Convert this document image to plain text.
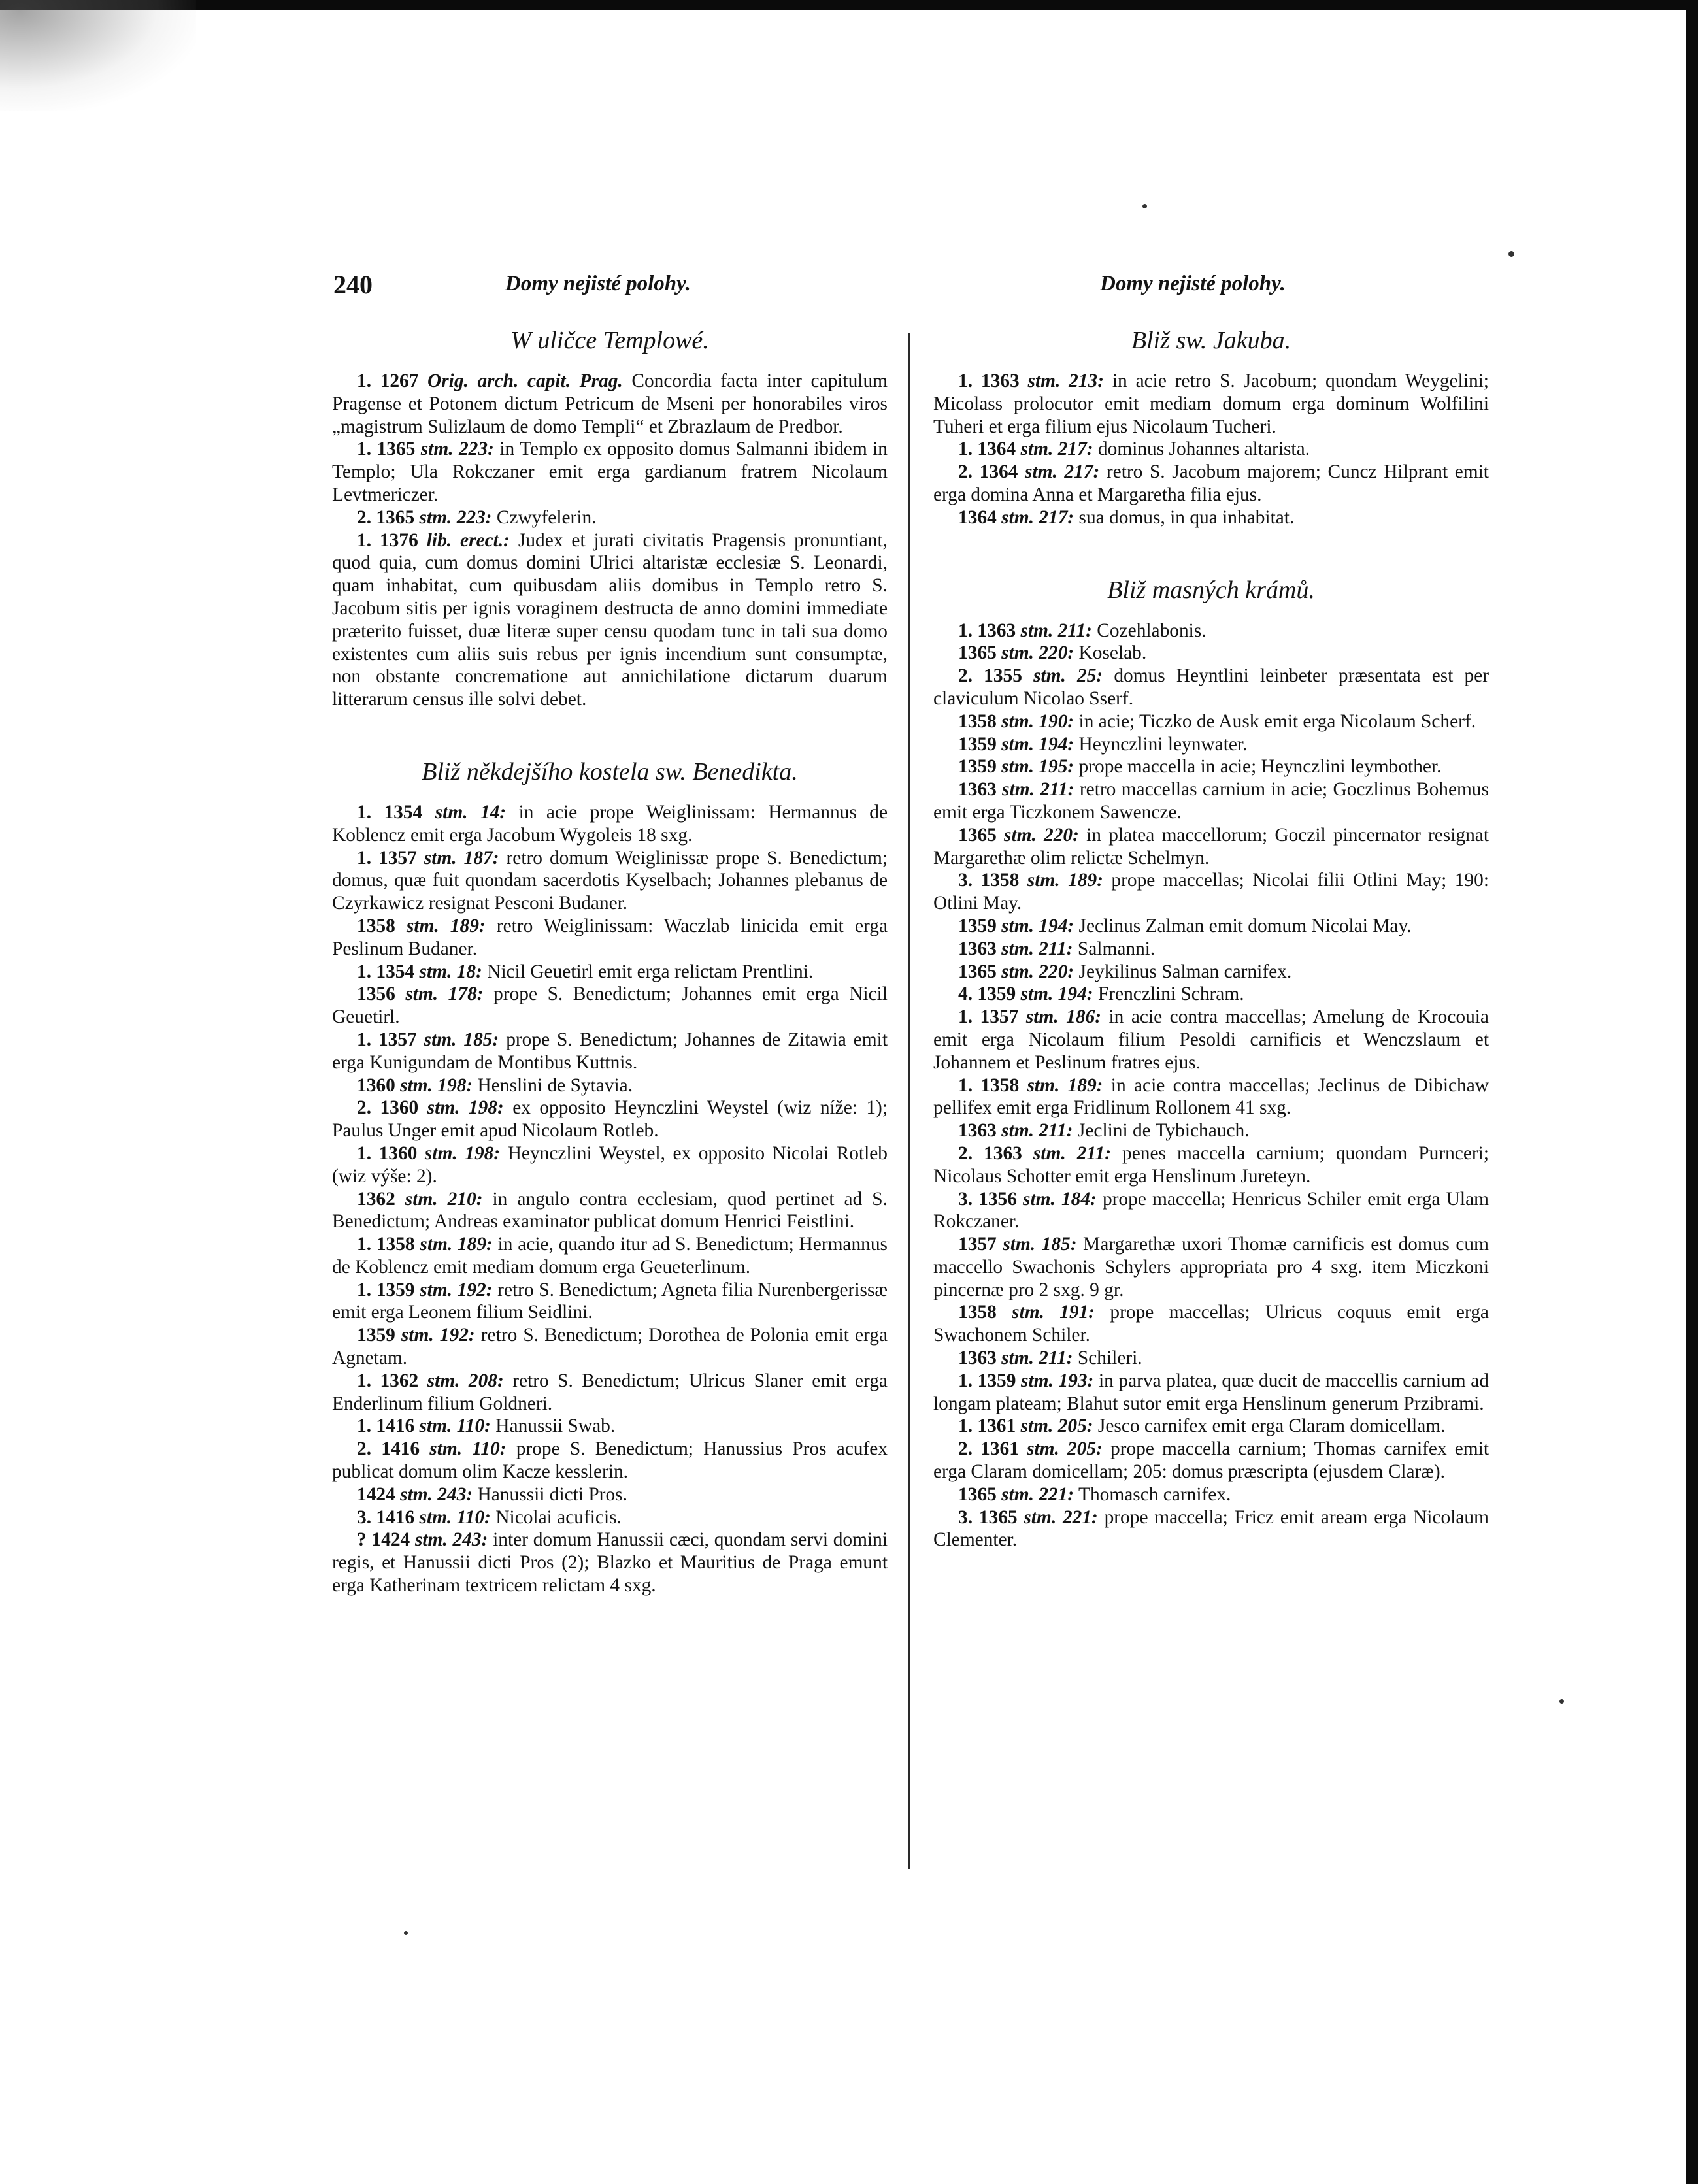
240	Domy nejisté polohy.	Domy nejisté polohy.
W uličce Templowé.

1. 1267 Orig. arch. capit. Prag. Concordia facta inter capitulum Pragense et Potonem dictum Petricum de Mseni per honorabiles viros „magistrum Sulizlaum de domo Templi“ et Zbrazlaum de Predbor.

1. 1365 stm. 223: in Templo ex opposito domus Salmanni ibidem in Templo; Ula Rokczaner emit erga gardianum fratrem Nicolaum Levtmericzer.

2. 1365 stm. 223: Czwyfelerin.

1. 1376 lib. erect.: Judex et jurati civitatis Pragensis pronuntiant, quod quia, cum domus domini Ulrici altaristæ ecclesiæ S. Leonardi, quam inhabitat, cum quibusdam aliis domibus in Templo retro S. Jacobum sitis per ignis voraginem destructa de anno domini immediate præterito fuisset, duæ literæ super censu quodam tunc in tali sua domo existentes cum aliis suis rebus per ignis incendium sunt consumptæ, non obstante concrematione aut annichilatione dictarum duarum litterarum census ille solvi debet.

Bliž někdejšího kostela sw. Benedikta.

1. 1354 stm. 14: in acie prope Weiglinissam: Hermannus de Koblencz emit erga Jacobum Wygoleis 18 sxg.

1. 1357 stm. 187: retro domum Weiglinissæ prope S. Benedictum; domus, quæ fuit quondam sacerdotis Kyselbach; Johannes plebanus de Czyrkawicz resignat Pesconi Budaner.

1358 stm. 189: retro Weiglinissam: Waczlab linicida emit erga Peslinum Budaner.

1. 1354 stm. 18: Nicil Geuetirl emit erga relictam Prentlini.

1356 stm. 178: prope S. Benedictum; Johannes emit erga Nicil Geuetirl.

1. 1357 stm. 185: prope S. Benedictum; Johannes de Zitawia emit erga Kunigundam de Montibus Kuttnis.

1360 stm. 198: Henslini de Sytavia.

2. 1360 stm. 198: ex opposito Heynczlini Weystel (wiz níže: 1); Paulus Unger emit apud Nicolaum Rotleb.

1. 1360 stm. 198: Heynczlini Weystel, ex opposito Nicolai Rotleb (wiz výše: 2).

1362 stm. 210: in angulo contra ecclesiam, quod pertinet ad S. Benedictum; Andreas examinator publicat domum Henrici Feistlini.

1. 1358 stm. 189: in acie, quando itur ad S. Benedictum; Hermannus de Koblencz emit mediam domum erga Geueterlinum.

1. 1359 stm. 192: retro S. Benedictum; Agneta filia Nurenbergerissæ emit erga Leonem filium Seidlini.

1359 stm. 192: retro S. Benedictum; Dorothea de Polonia emit erga Agnetam.

1. 1362 stm. 208: retro S. Benedictum; Ulricus Slaner emit erga Enderlinum filium Goldneri.

1. 1416 stm. 110: Hanussii Swab.

2. 1416 stm. 110: prope S. Benedictum; Hanussius Pros acufex publicat domum olim Kacze kesslerin.

1424 stm. 243: Hanussii dicti Pros.

3. 1416 stm. 110: Nicolai acuficis.

? 1424 stm. 243: inter domum Hanussii cæci, quondam servi domini regis, et Hanussii dicti Pros (2); Blazko et Mauritius de Praga emunt erga Katherinam textricem relictam 4 sxg.

Bliž sw. Jakuba.

1. 1363 stm. 213: in acie retro S. Jacobum; quondam Weygelini; Micolass prolocutor emit mediam domum erga dominum Wolfilini Tuheri et erga filium ejus Nicolaum Tucheri.

1. 1364 stm. 217: dominus Johannes altarista.

2. 1364 stm. 217: retro S. Jacobum majorem; Cuncz Hilprant emit erga domina Anna et Margaretha filia ejus.

1364 stm. 217: sua domus, in qua inhabitat.

Bliž masných krámů.

1. 1363 stm. 211: Cozehlabonis.

1365 stm. 220: Koselab.

2. 1355 stm. 25: domus Heyntlini leinbeter præsentata est per claviculum Nicolao Sserf.

1358 stm. 190: in acie; Ticzko de Ausk emit erga Nicolaum Scherf.

1359 stm. 194: Heynczlini leynwater.

1359 stm. 195: prope maccella in acie; Heynczlini leymbother.

1363 stm. 211: retro maccellas carnium in acie; Goczlinus Bohemus emit erga Ticzkonem Sawencze.

1365 stm. 220: in platea maccellorum; Goczil pincernator resignat Margarethæ olim relictæ Schelmyn.

3. 1358 stm. 189: prope maccellas; Nicolai filii Otlini May; 190: Otlini May.

1359 stm. 194: Jeclinus Zalman emit domum Nicolai May.

1363 stm. 211: Salmanni.

1365 stm. 220: Jeykilinus Salman carnifex.

4. 1359 stm. 194: Frenczlini Schram.

1. 1357 stm. 186: in acie contra maccellas; Amelung de Krocouia emit erga Nicolaum filium Pesoldi carnificis et Wenczslaum et Johannem et Peslinum fratres ejus.

1. 1358 stm. 189: in acie contra maccellas; Jeclinus de Dibichaw pellifex emit erga Fridlinum Rollonem 41 sxg.

1363 stm. 211: Jeclini de Tybichauch.

2. 1363 stm. 211: penes maccella carnium; quondam Purnceri; Nicolaus Schotter emit erga Henslinum Jureteyn.

3. 1356 stm. 184: prope maccella; Henricus Schiler emit erga Ulam Rokczaner.

1357 stm. 185: Margarethæ uxori Thomæ carnificis est domus cum maccello Swachonis Schylers appropriata pro 4 sxg. item Miczkoni pincernæ pro 2 sxg. 9 gr.

1358 stm. 191: prope maccellas; Ulricus coquus emit erga Swachonem Schiler.

1363 stm. 211: Schileri.

1. 1359 stm. 193: in parva platea, quæ ducit de maccellis carnium ad longam plateam; Blahut sutor emit erga Henslinum generum Przibrami.

1. 1361 stm. 205: Jesco carnifex emit erga Claram domicellam.

2. 1361 stm. 205: prope maccella carnium; Thomas carnifex emit erga Claram domicellam; 205: domus præscripta (ejusdem Claræ).

1365 stm. 221: Thomasch carnifex.

3. 1365 stm. 221: prope maccella; Fricz emit aream erga Nicolaum Clementer.
